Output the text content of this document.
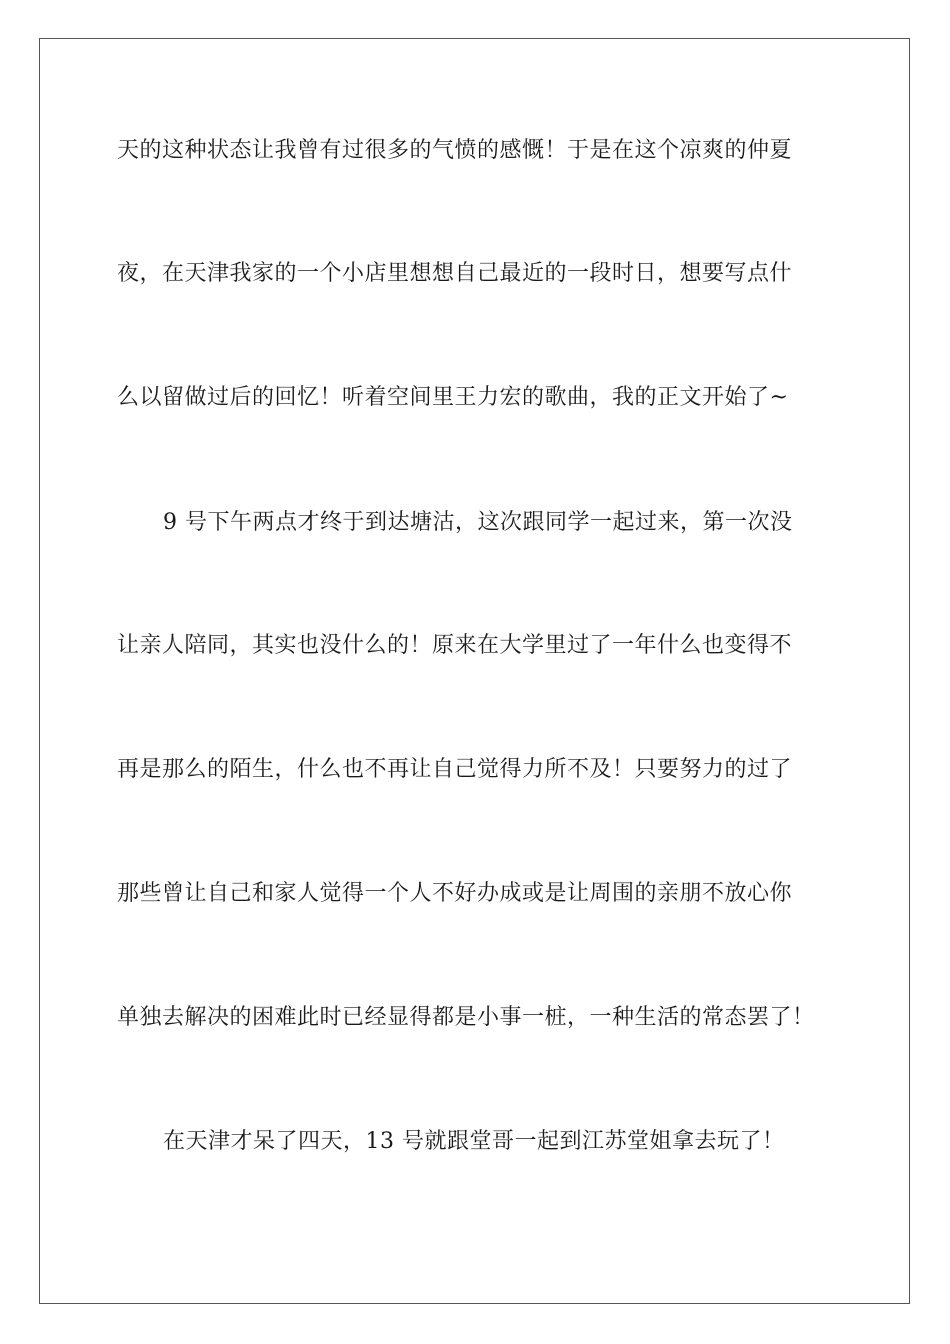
天的这种状态让我曾有过很多的气愤的感慨！于是在这个凉爽的仲夏
夜，在天津我家的一个小店里想想自己最近的一段时日，想要写点什
么以留做过后的回忆！听着空间里王力宏的歌曲，我的正文开始了~
9 号下午两点才终于到达塘沽，这次跟同学一起过来，第一次没
让亲人陪同，其实也没什么的！原来在大学里过了一年什么也变得不
再是那么的陌生，什么也不再让自己觉得力所不及！只要努力的过了
那些曾让自己和家人觉得一个人不好办成或是让周围的亲朋不放心你
单独去解决的困难此时已经显得都是小事一桩，一种生活的常态罢了！
在天津才呆了四天，13 号就跟堂哥一起到江苏堂姐拿去玩了！
